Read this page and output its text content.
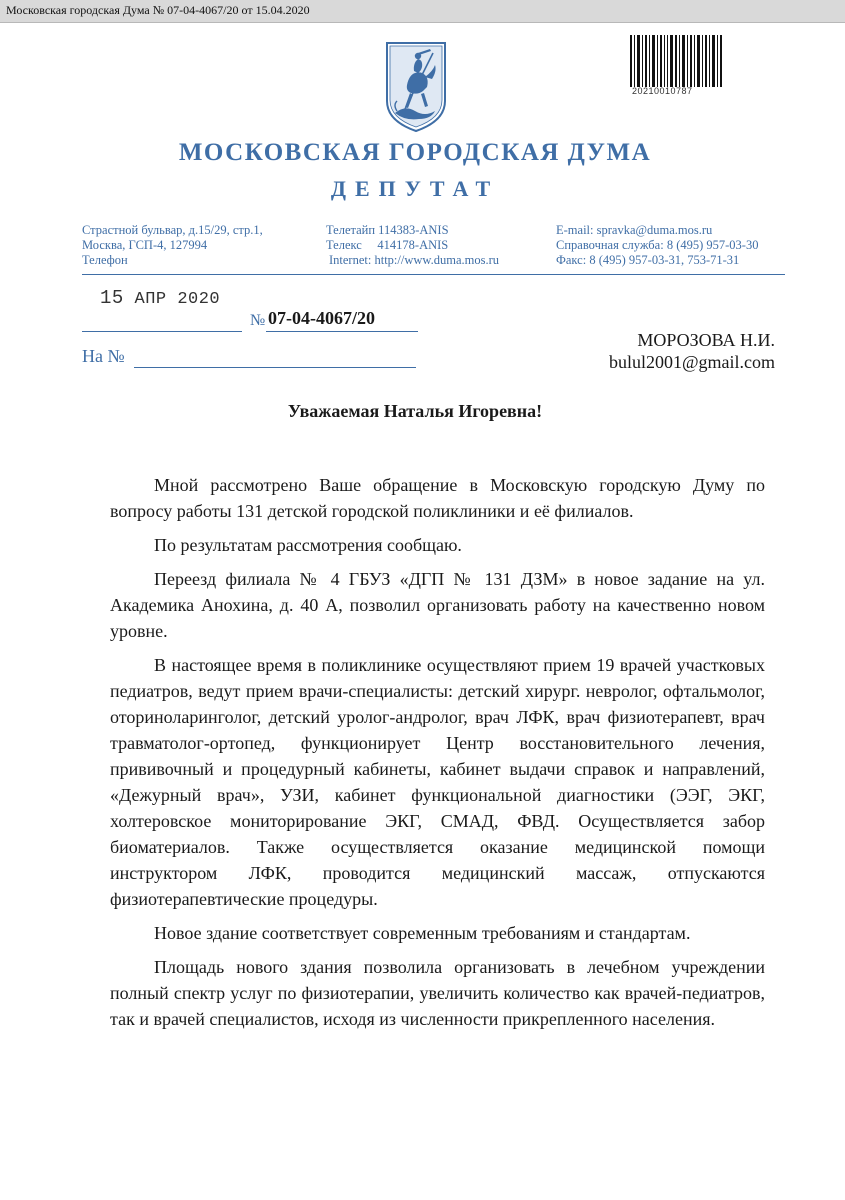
Московская городская Дума № 07-04-4067/20 от 15.04.2020
20210010787
МОСКОВСКАЯ ГОРОДСКАЯ ДУМА
ДЕПУТАТ
Страстной бульвар, д.15/29, стр.1,
Москва, ГСП-4, 127994
Телефон
Телетайп 114383-ANIS
Телекс     414178-ANIS
Internet: http://www.duma.mos.ru
E-mail: spravka@duma.mos.ru
Справочная служба: 8 (495) 957-03-30
Факс: 8 (495) 957-03-31, 753-71-31
15 АПР 2020
№ 07-04-4067/20
На №
МОРОЗОВА Н.И.
bulul2001@gmail.com
Уважаемая Наталья Игоревна!

Мной рассмотрено Ваше обращение в Московскую городскую Думу по вопросу работы 131 детской городской поликлиники и её филиалов.

По результатам рассмотрения сообщаю.

Переезд филиала № 4 ГБУЗ «ДГП № 131 ДЗМ» в новое задание на ул. Академика Анохина, д. 40 А, позволил организовать работу на качественно новом уровне.

В настоящее время в поликлинике осуществляют прием 19 врачей участковых педиатров, ведут прием врачи-специалисты: детский хирург. невролог, офтальмолог, оториноларинголог, детский уролог-андролог, врач ЛФК, врач физиотерапевт, врач травматолог-ортопед, функционирует Центр восстановительного лечения, прививочный и процедурный кабинеты, кабинет выдачи справок и направлений, «Дежурный врач», УЗИ, кабинет функциональной диагностики (ЭЭГ, ЭКГ, холтеровское мониторирование ЭКГ, СМАД, ФВД. Осуществляется забор биоматериалов. Также осуществляется оказание медицинской помощи инструктором ЛФК, проводится медицинский массаж, отпускаются физиотерапевтические процедуры.

Новое здание соответствует современным требованиям и стандартам.

Площадь нового здания позволила организовать в лечебном учреждении полный спектр услуг по физиотерапии, увеличить количество как врачей-педиатров, так и врачей специалистов, исходя из численности прикрепленного населения.
